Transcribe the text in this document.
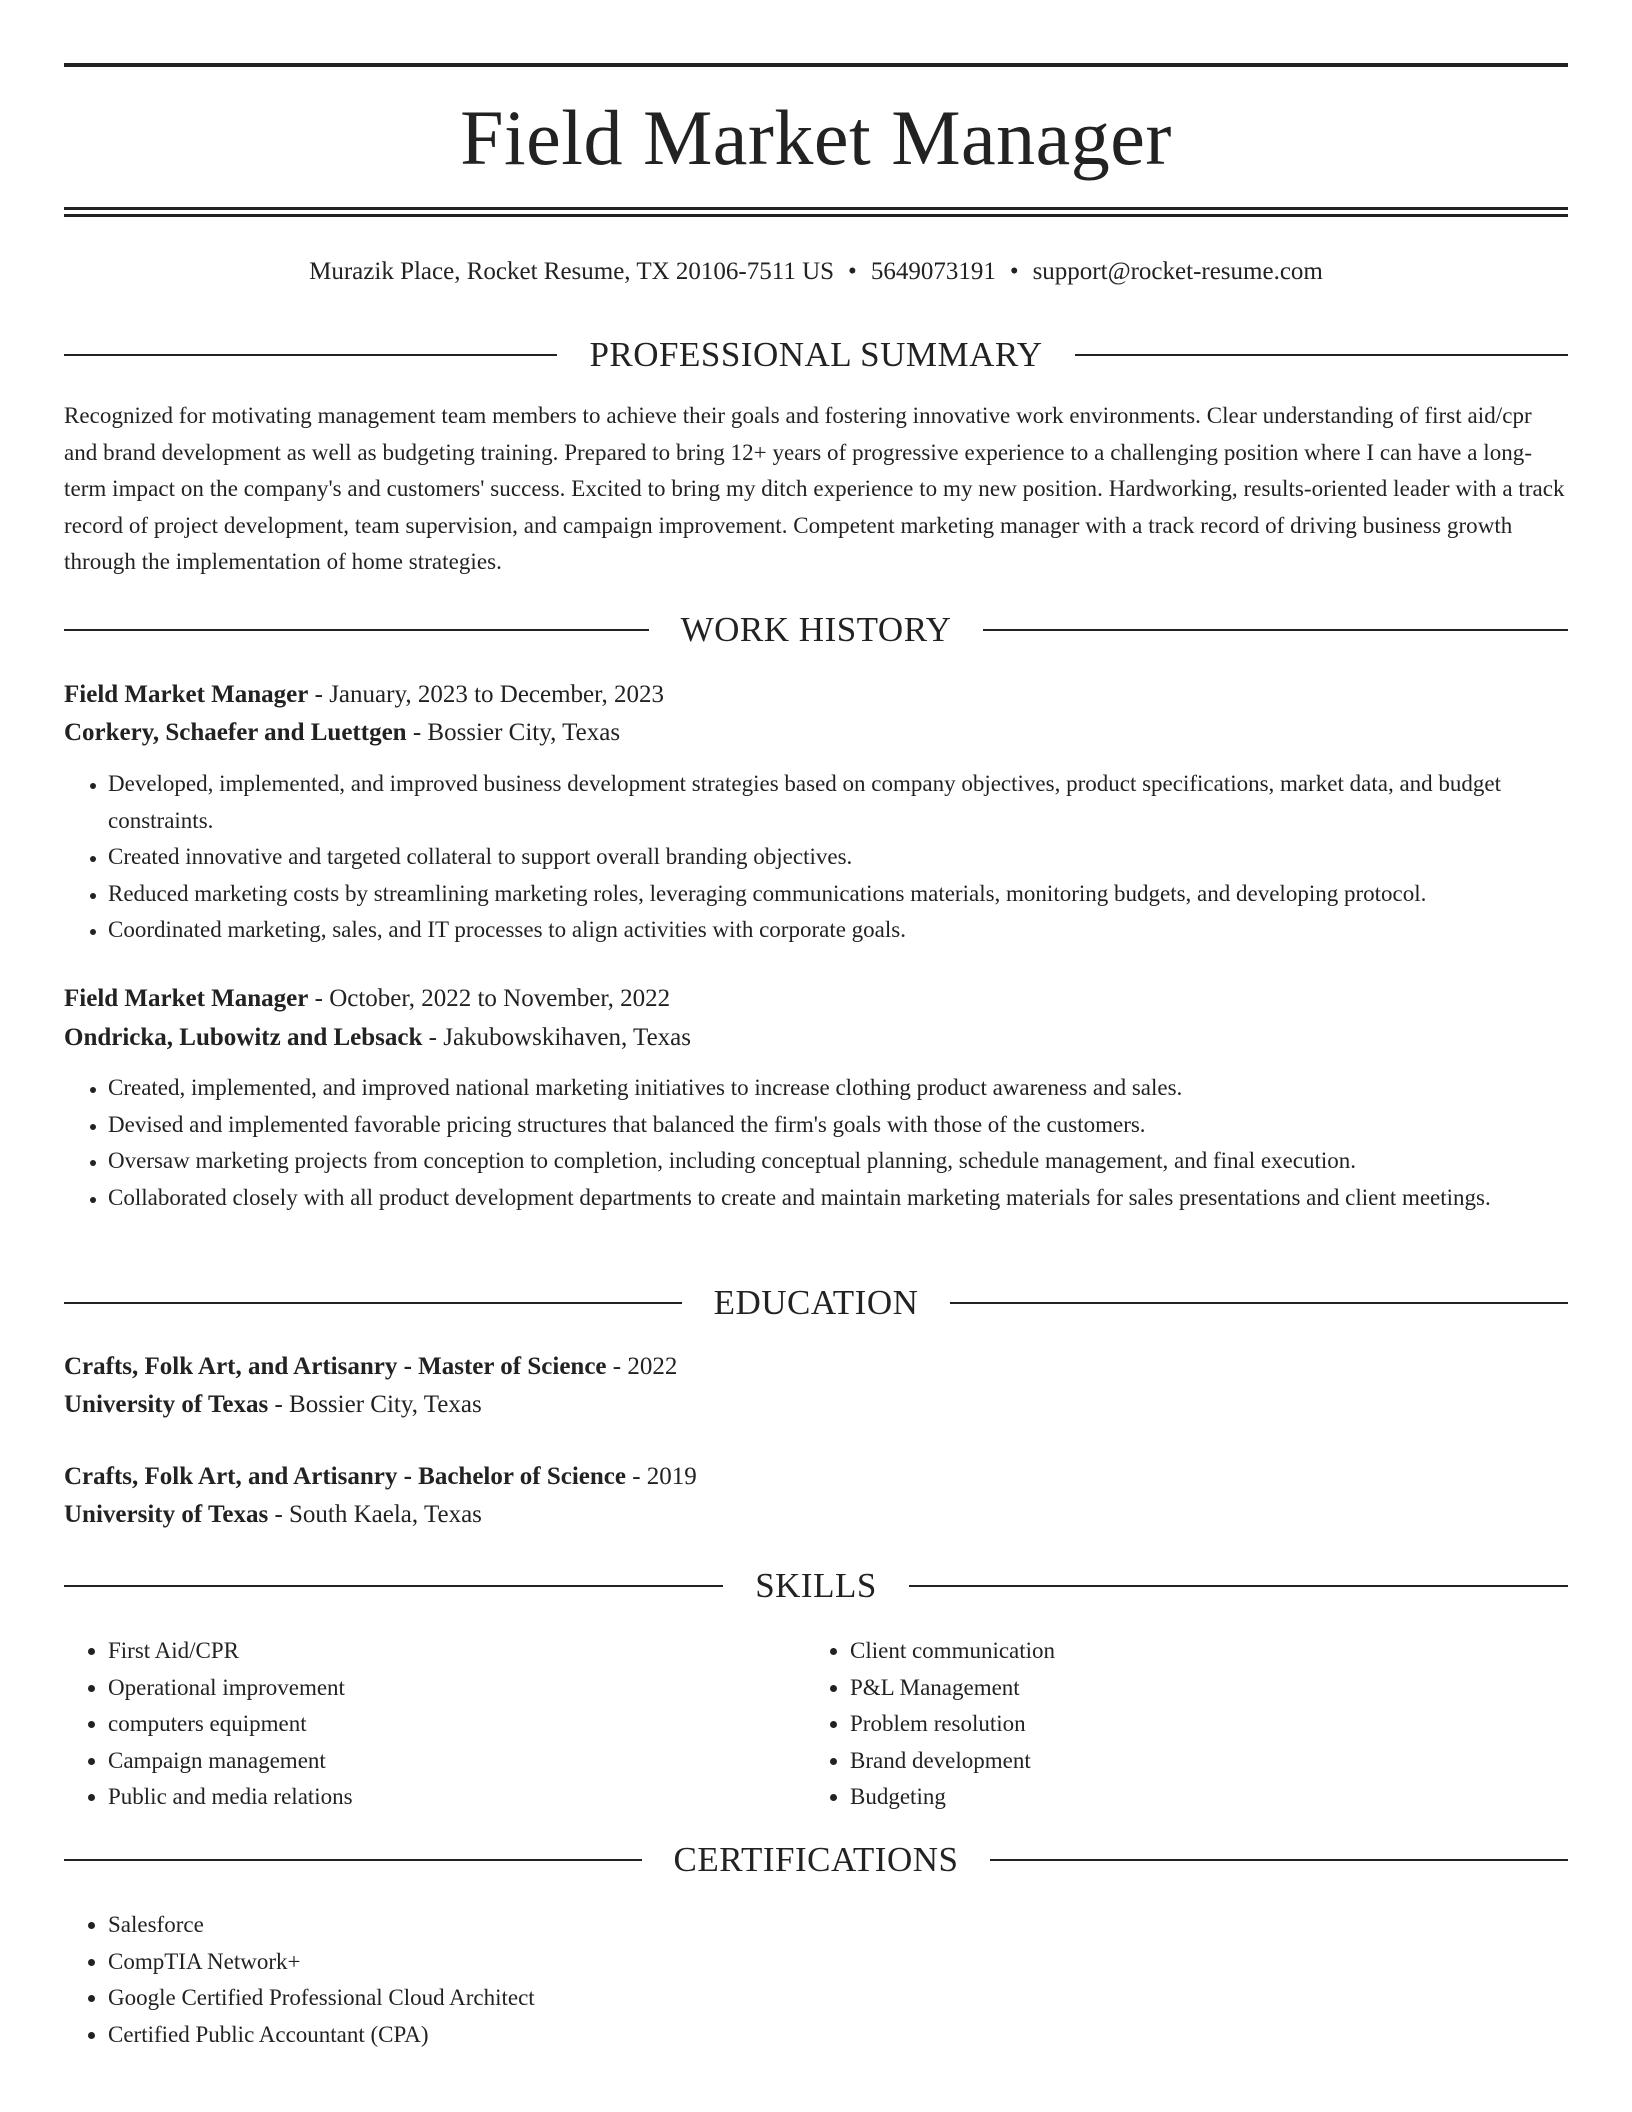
Field Market Manager
Murazik Place, Rocket Resume, TX 20106-7511 US • 5649073191 • support@rocket-resume.com
PROFESSIONAL SUMMARY

Recognized for motivating management team members to achieve their goals and fostering innovative work environments. Clear understanding of first aid/cpr and brand development as well as budgeting training. Prepared to bring 12+ years of progressive experience to a challenging position where I can have a long-term impact on the company's and customers' success. Excited to bring my ditch experience to my new position. Hardworking, results-oriented leader with a track record of project development, team supervision, and campaign improvement. Competent marketing manager with a track record of driving business growth through the implementation of home strategies.

WORK HISTORY
Field Market Manager - January, 2023 to December, 2023
Corkery, Schaefer and Luettgen - Bossier City, Texas
• Developed, implemented, and improved business development strategies based on company objectives, product specifications, market data, and budget constraints.
• Created innovative and targeted collateral to support overall branding objectives.
• Reduced marketing costs by streamlining marketing roles, leveraging communications materials, monitoring budgets, and developing protocol.
• Coordinated marketing, sales, and IT processes to align activities with corporate goals.
Field Market Manager - October, 2022 to November, 2022
Ondricka, Lubowitz and Lebsack - Jakubowskihaven, Texas
• Created, implemented, and improved national marketing initiatives to increase clothing product awareness and sales.
• Devised and implemented favorable pricing structures that balanced the firm's goals with those of the customers.
• Oversaw marketing projects from conception to completion, including conceptual planning, schedule management, and final execution.
• Collaborated closely with all product development departments to create and maintain marketing materials for sales presentations and client meetings.
EDUCATION
Crafts, Folk Art, and Artisanry - Master of Science - 2022
University of Texas - Bossier City, Texas
Crafts, Folk Art, and Artisanry - Bachelor of Science - 2019
University of Texas - South Kaela, Texas
SKILLS
• First Aid/CPR
• Operational improvement
• computers equipment
• Campaign management
• Public and media relations
• Client communication
• P&L Management
• Problem resolution
• Brand development
• Budgeting
CERTIFICATIONS
• Salesforce
• CompTIA Network+
• Google Certified Professional Cloud Architect
• Certified Public Accountant (CPA)
